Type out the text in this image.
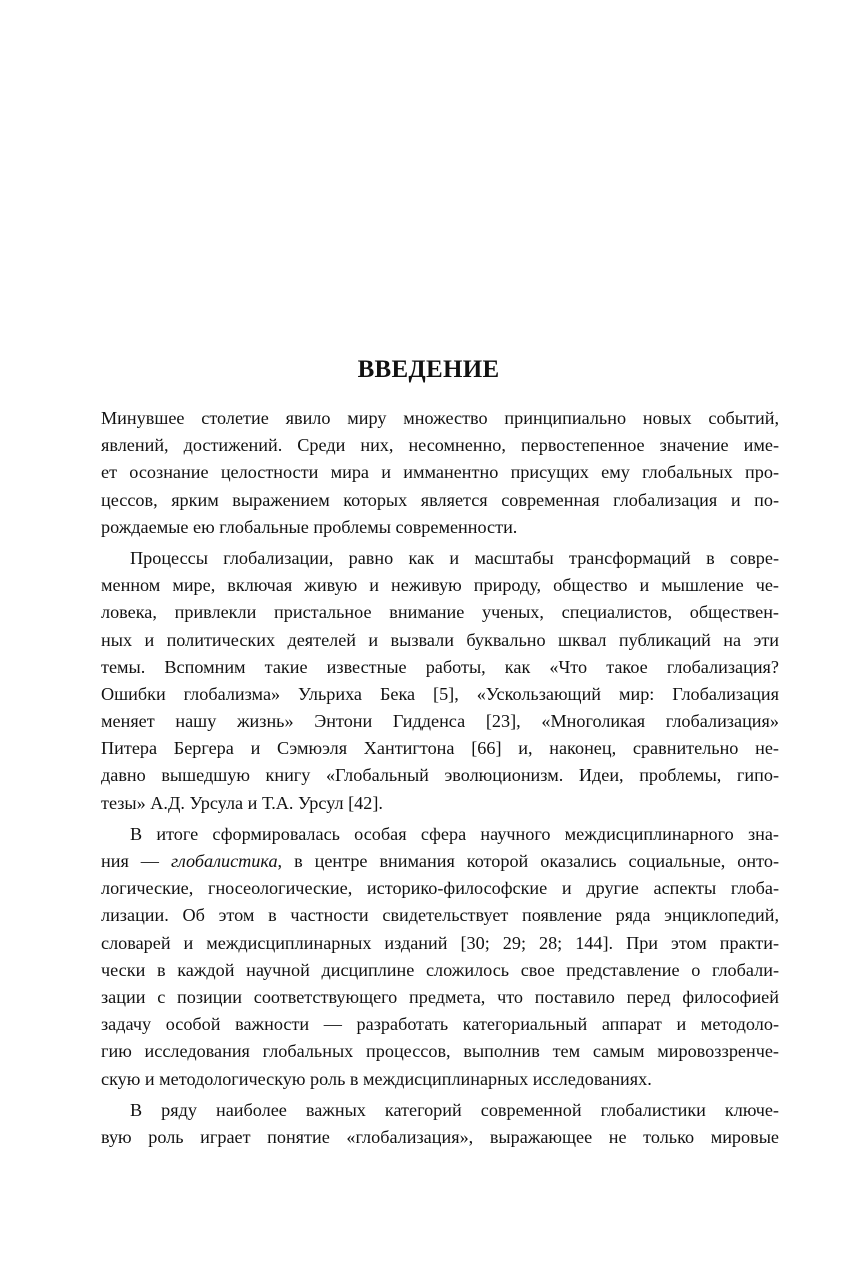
ВВЕДЕНИЕ
Минувшее столетие явило миру множество принципиально новых событий,
явлений, достижений. Среди них, несомненно, первостепенное значение име-
ет осознание целостности мира и имманентно присущих ему глобальных про-
цессов, ярким выражением которых является современная глобализация и по-
рождаемые ею глобальные проблемы современности.
Процессы глобализации, равно как и масштабы трансформаций в совре-
менном мире, включая живую и неживую природу, общество и мышление че-
ловека, привлекли пристальное внимание ученых, специалистов, обществен-
ных и политических деятелей и вызвали буквально шквал публикаций на эти
темы. Вспомним такие известные работы, как «Что такое глобализация?
Ошибки глобализма» Ульриха Бека [5], «Ускользающий мир: Глобализация
меняет нашу жизнь» Энтони Гидденса [23], «Многоликая глобализация»
Питера Бергера и Сэмюэля Хантигтона [66] и, наконец, сравнительно не-
давно вышедшую книгу «Глобальный эволюционизм. Идеи, проблемы, гипо-
тезы» А.Д. Урсула и Т.А. Урсул [42].
В итоге сформировалась особая сфера научного междисциплинарного зна-
ния — глобалистика, в центре внимания которой оказались социальные, онто-
логические, гносеологические, историко-философские и другие аспекты глоба-
лизации. Об этом в частности свидетельствует появление ряда энциклопедий,
словарей и междисциплинарных изданий [30; 29; 28; 144]. При этом практи-
чески в каждой научной дисциплине сложилось свое представление о глобали-
зации с позиции соответствующего предмета, что поставило перед философией
задачу особой важности — разработать категориальный аппарат и методоло-
гию исследования глобальных процессов, выполнив тем самым мировоззренче-
скую и методологическую роль в междисциплинарных исследованиях.
В ряду наиболее важных категорий современной глобалистики ключе-
вую роль играет понятие «глобализация», выражающее не только мировые
